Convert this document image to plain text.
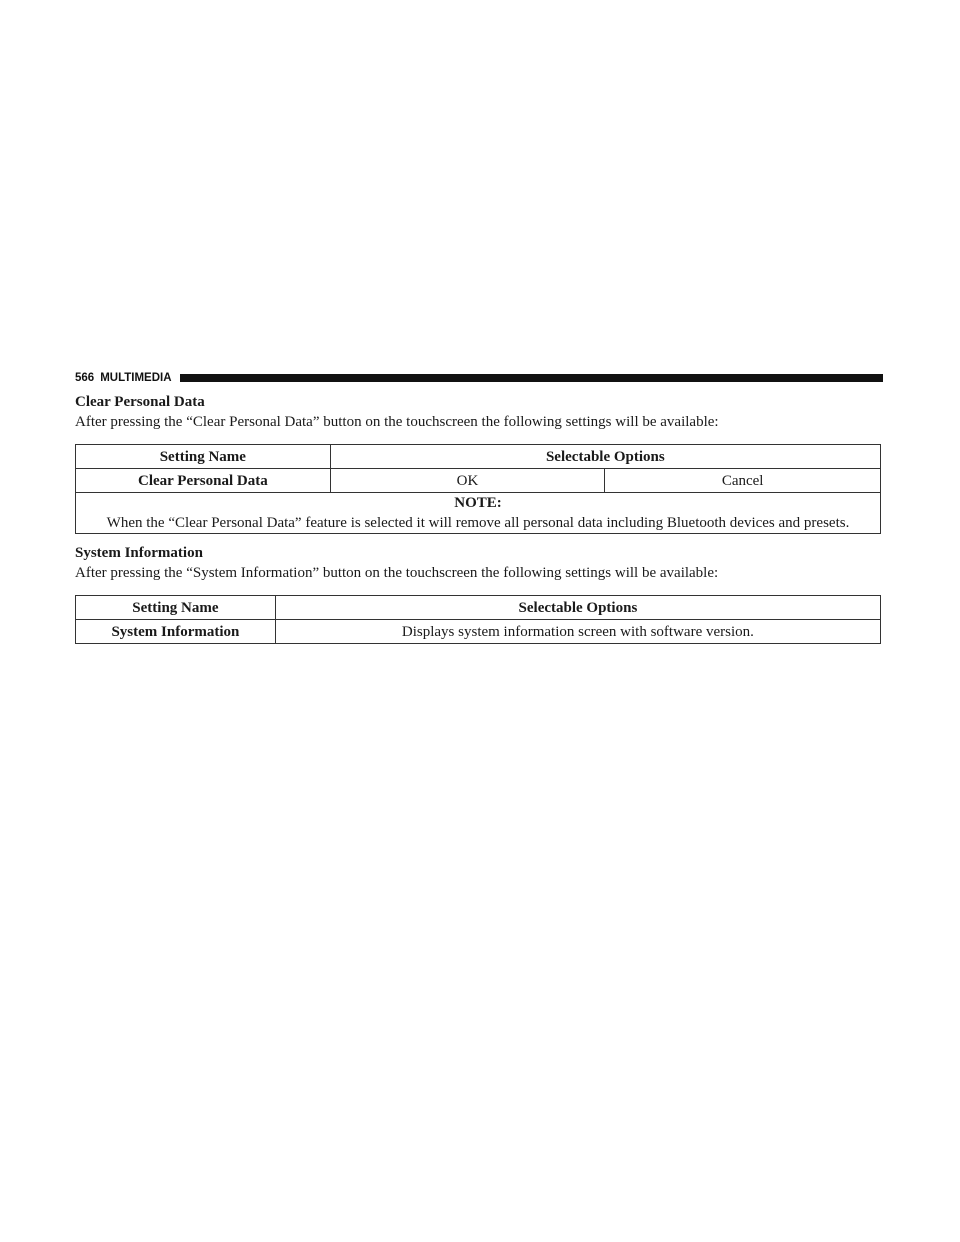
566 MULTIMEDIA

Clear Personal Data

After pressing the “Clear Personal Data” button on the touchscreen the following settings will be available:

Setting Name	Selectable Options	
Clear Personal Data	OK	Cancel

NOTE:
When the “Clear Personal Data” feature is selected it will remove all personal data including Bluetooth devices and presets.		

System Information

After pressing the “System Information” button on the touchscreen the following settings will be available:

Setting Name	Selectable Options
System Information	Displays system information screen with software version.
